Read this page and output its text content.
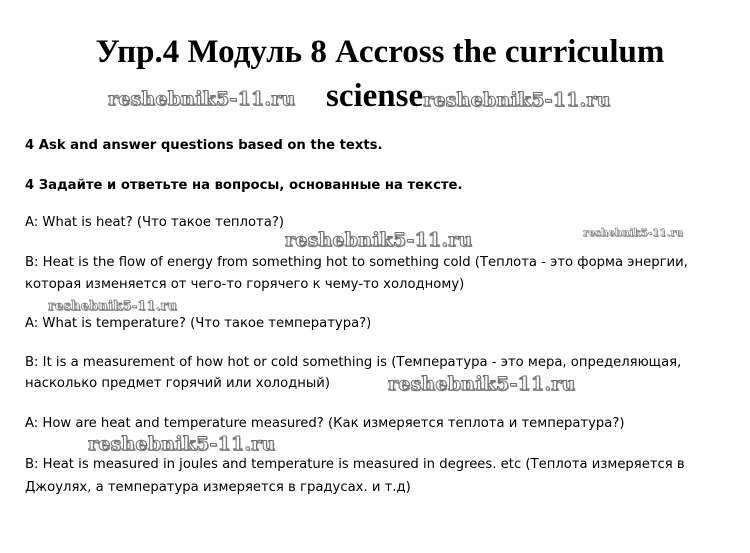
Упр.4 Модуль 8 Accross the curriculum
sciensereshebnik5-11.ru
reshebnik5-11.ru
4 Ask and answer questions based on the texts.
4 Задайте и ответьте на вопросы, основанные на тексте.
A: What is heat? (Что такое теплота?)
reshebnik5-11.ru	reshebnik5-11.ru
B: Heat is the flow of energy from something hot to something cold (Теплота - это форма энергии,
которая изменяется от чего-то горячего к чему-то холодному)
reshebnik5-11.ru
A: What is temperature? (Что такое температура?)
B: It is a measurement of how hot or cold something is (Температура - это мера, определяющая,
насколько предмет горячий или холодный)	reshebnik5-11.ru
A: How are heat and temperature measured? (Как измеряется теплота и температура?)
reshebnik5-11.ru
B: Heat is measured in joules and temperature is measured in degrees. etc (Теплота измеряется в
Джоулях, а температура измеряется в градусах. и т.д)
